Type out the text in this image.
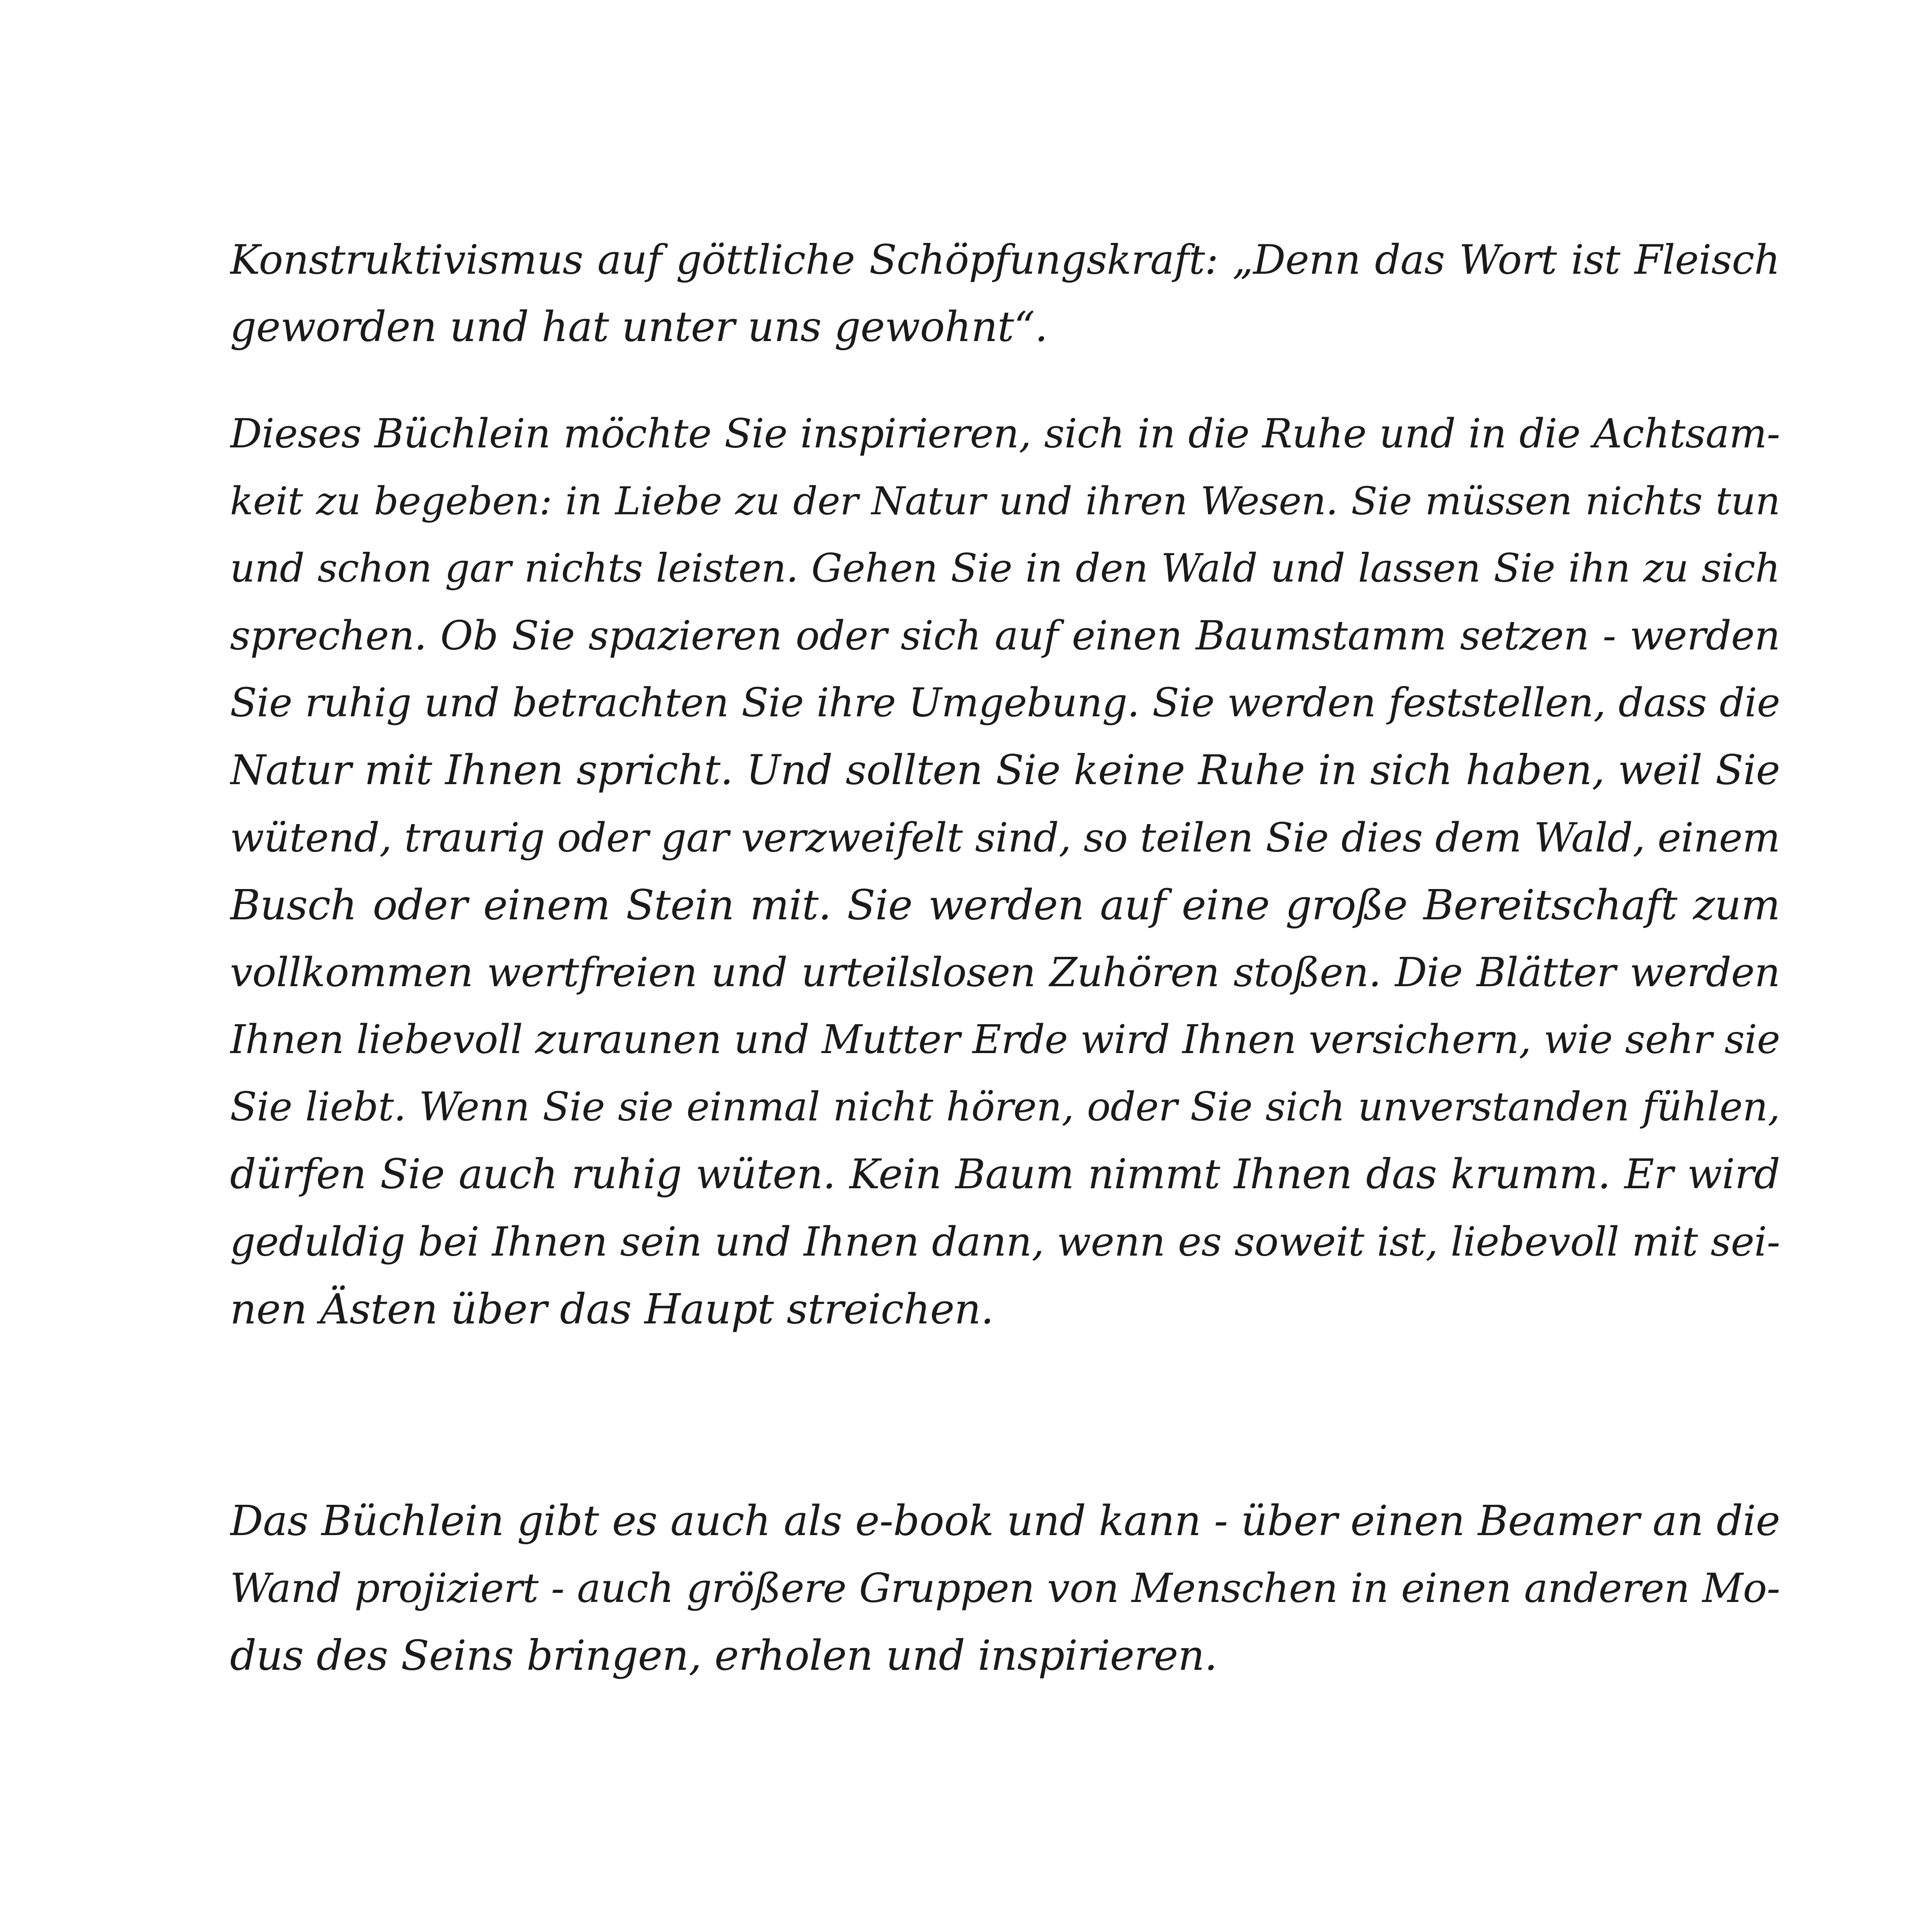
Konstruktivismus auf göttliche Schöpfungskraft: „Denn das Wort ist Fleisch
geworden und hat unter uns gewohnt“.
Dieses Büchlein möchte Sie inspirieren, sich in die Ruhe und in die Achtsam-
keit zu begeben: in Liebe zu der Natur und ihren Wesen. Sie müssen nichts tun
und schon gar nichts leisten. Gehen Sie in den Wald und lassen Sie ihn zu sich
sprechen. Ob Sie spazieren oder sich auf einen Baumstamm setzen - werden
Sie ruhig und betrachten Sie ihre Umgebung. Sie werden feststellen, dass die
Natur mit Ihnen spricht. Und sollten Sie keine Ruhe in sich haben, weil Sie
wütend, traurig oder gar verzweifelt sind, so teilen Sie dies dem Wald, einem
Busch oder einem Stein mit. Sie werden auf eine große Bereitschaft zum
vollkommen wertfreien und urteilslosen Zuhören stoßen. Die Blätter werden
Ihnen liebevoll zuraunen und Mutter Erde wird Ihnen versichern, wie sehr sie
Sie liebt. Wenn Sie sie einmal nicht hören, oder Sie sich unverstanden fühlen,
dürfen Sie auch ruhig wüten. Kein Baum nimmt Ihnen das krumm. Er wird
geduldig bei Ihnen sein und Ihnen dann, wenn es soweit ist, liebevoll mit sei-
nen Ästen über das Haupt streichen.
Das Büchlein gibt es auch als e-book und kann - über einen Beamer an die
Wand projiziert - auch größere Gruppen von Menschen in einen anderen Mo-
dus des Seins bringen, erholen und inspirieren.
